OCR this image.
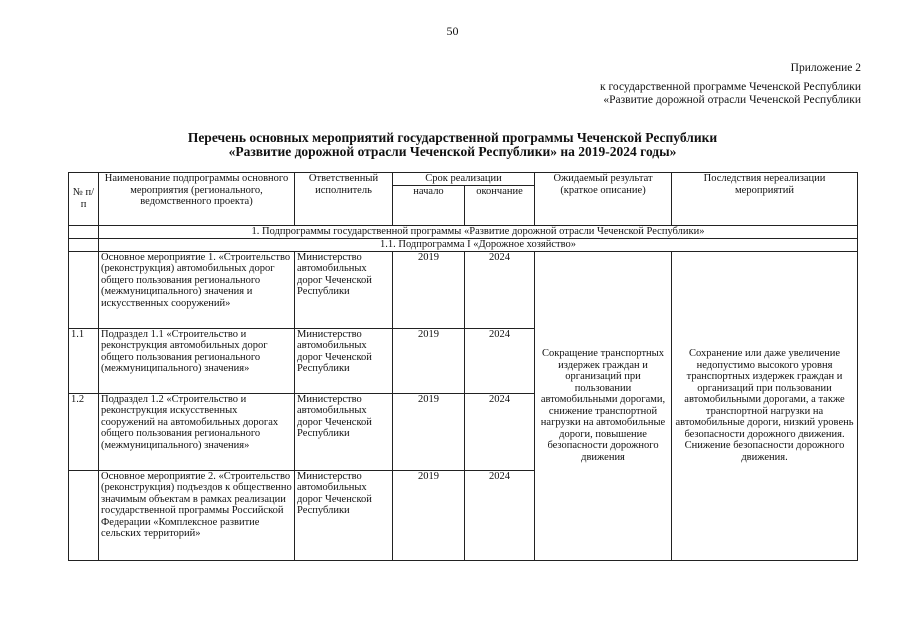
50
Приложение 2
к государственной программе Чеченской Республики
«Развитие дорожной отрасли Чеченской Республики
Перечень основных мероприятий государственной программы Чеченской Республики
«Развитие дорожной отрасли Чеченской Республики» на 2019-2024 годы»
№ п/п	Наименование подпрограммы основного мероприятия (регионального, ведомственного проекта)	Ответственный исполнитель	Срок реализации		Ожидаемый результат (краткое описание)	Последствия нереализации мероприятий
			начало	окончание		
	1. Подпрограммы государственной программы «Развитие дорожной отрасли Чеченской Республики»					
	1.1. Подпрограмма I «Дорожное хозяйство»					
	Основное мероприятие 1. «Строительство (реконструкция) автомобильных дорог общего пользования регионального (межмуниципального) значения и искусственных сооружений»	Министерство автомобильных дорог Чеченской Республики	2019	2024	Сокращение транспортных издержек граждан и организаций при пользовании автомобильными дорогами, снижение транспортной нагрузки на автомобильные дороги, повышение безопасности дорожного движения	Сохранение или даже увеличение недопустимо высокого уровня транспортных издержек граждан и организаций при пользовании автомобильными дорогами, а также транспортной нагрузки на автомобильные дороги, низкий уровень безопасности дорожного движения. Снижение безопасности дорожного движения.
1.1	Подраздел 1.1 «Строительство и реконструкция автомобильных дорог общего пользования регионального (межмуниципального) значения»	Министерство автомобильных дорог Чеченской Республики	2019	2024		
1.2	Подраздел 1.2 «Строительство и реконструкция искусственных сооружений на автомобильных дорогах общего пользования регионального (межмуниципального) значения»	Министерство автомобильных дорог Чеченской Республики	2019	2024		
	Основное мероприятие 2. «Строительство (реконструкция) подъездов к общественно значимым объектам в рамках реализации государственной программы Российской Федерации «Комплексное развитие сельских территорий»	Министерство автомобильных дорог Чеченской Республики	2019	2024		
